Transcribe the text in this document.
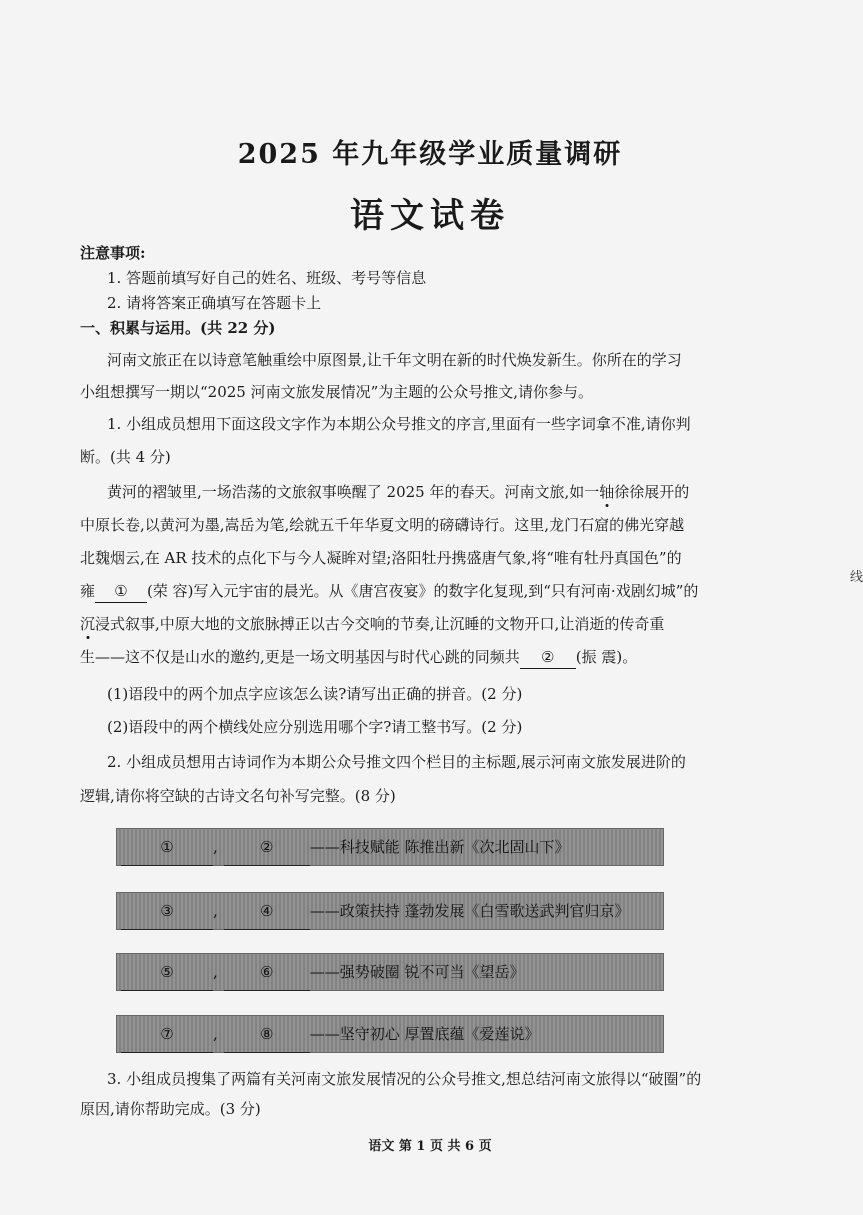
2025 年九年级学业质量调研
语文试卷
注意事项:
1. 答题前填写好自己的姓名、班级、考号等信息
2. 请将答案正确填写在答题卡上
一、积累与运用。(共 22 分)
河南文旅正在以诗意笔触重绘中原图景,让千年文明在新的时代焕发新生。你所在的学习
小组想撰写一期以“2025 河南文旅发展情况”为主题的公众号推文,请你参与。
1. 小组成员想用下面这段文字作为本期公众号推文的序言,里面有一些字词拿不准,请你判
断。(共 4 分)
黄河的褶皱里,一场浩荡的文旅叙事唤醒了 2025 年的春天。河南文旅,如一轴徐徐展开的
中原长卷,以黄河为墨,嵩岳为笔,绘就五千年华夏文明的磅礴诗行。这里,龙门石窟的佛光穿越
北魏烟云,在 AR 技术的点化下与今人凝眸对望;洛阳牡丹携盛唐气象,将“唯有牡丹真国色”的
雍 ① (荣 容)写入元宇宙的晨光。从《唐宫夜宴》的数字化复现,到“只有河南·戏剧幻城”的
沉浸式叙事,中原大地的文旅脉搏正以古今交响的节奏,让沉睡的文物开口,让消逝的传奇重
生——这不仅是山水的邀约,更是一场文明基因与时代心跳的同频共 ② (振 震)。
(1)语段中的两个加点字应该怎么读?请写出正确的拼音。(2 分)
(2)语段中的两个横线处应分别选用哪个字?请工整书写。(2 分)
2. 小组成员想用古诗词作为本期公众号推文四个栏目的主标题,展示河南文旅发展进阶的
逻辑,请你将空缺的古诗文名句补写完整。(8 分)
①	,	② ——科技赋能 陈推出新《次北固山下》
③	,	④ ——政策扶持 蓬勃发展《白雪歌送武判官归京》
⑤	,	⑥ ——强势破圈 锐不可当《望岳》
⑦	,	⑧ ——坚守初心 厚置底蕴《爱莲说》
3. 小组成员搜集了两篇有关河南文旅发展情况的公众号推文,想总结河南文旅得以“破圈”的
原因,请你帮助完成。(3 分)
语文 第 1 页 共 6 页
线
